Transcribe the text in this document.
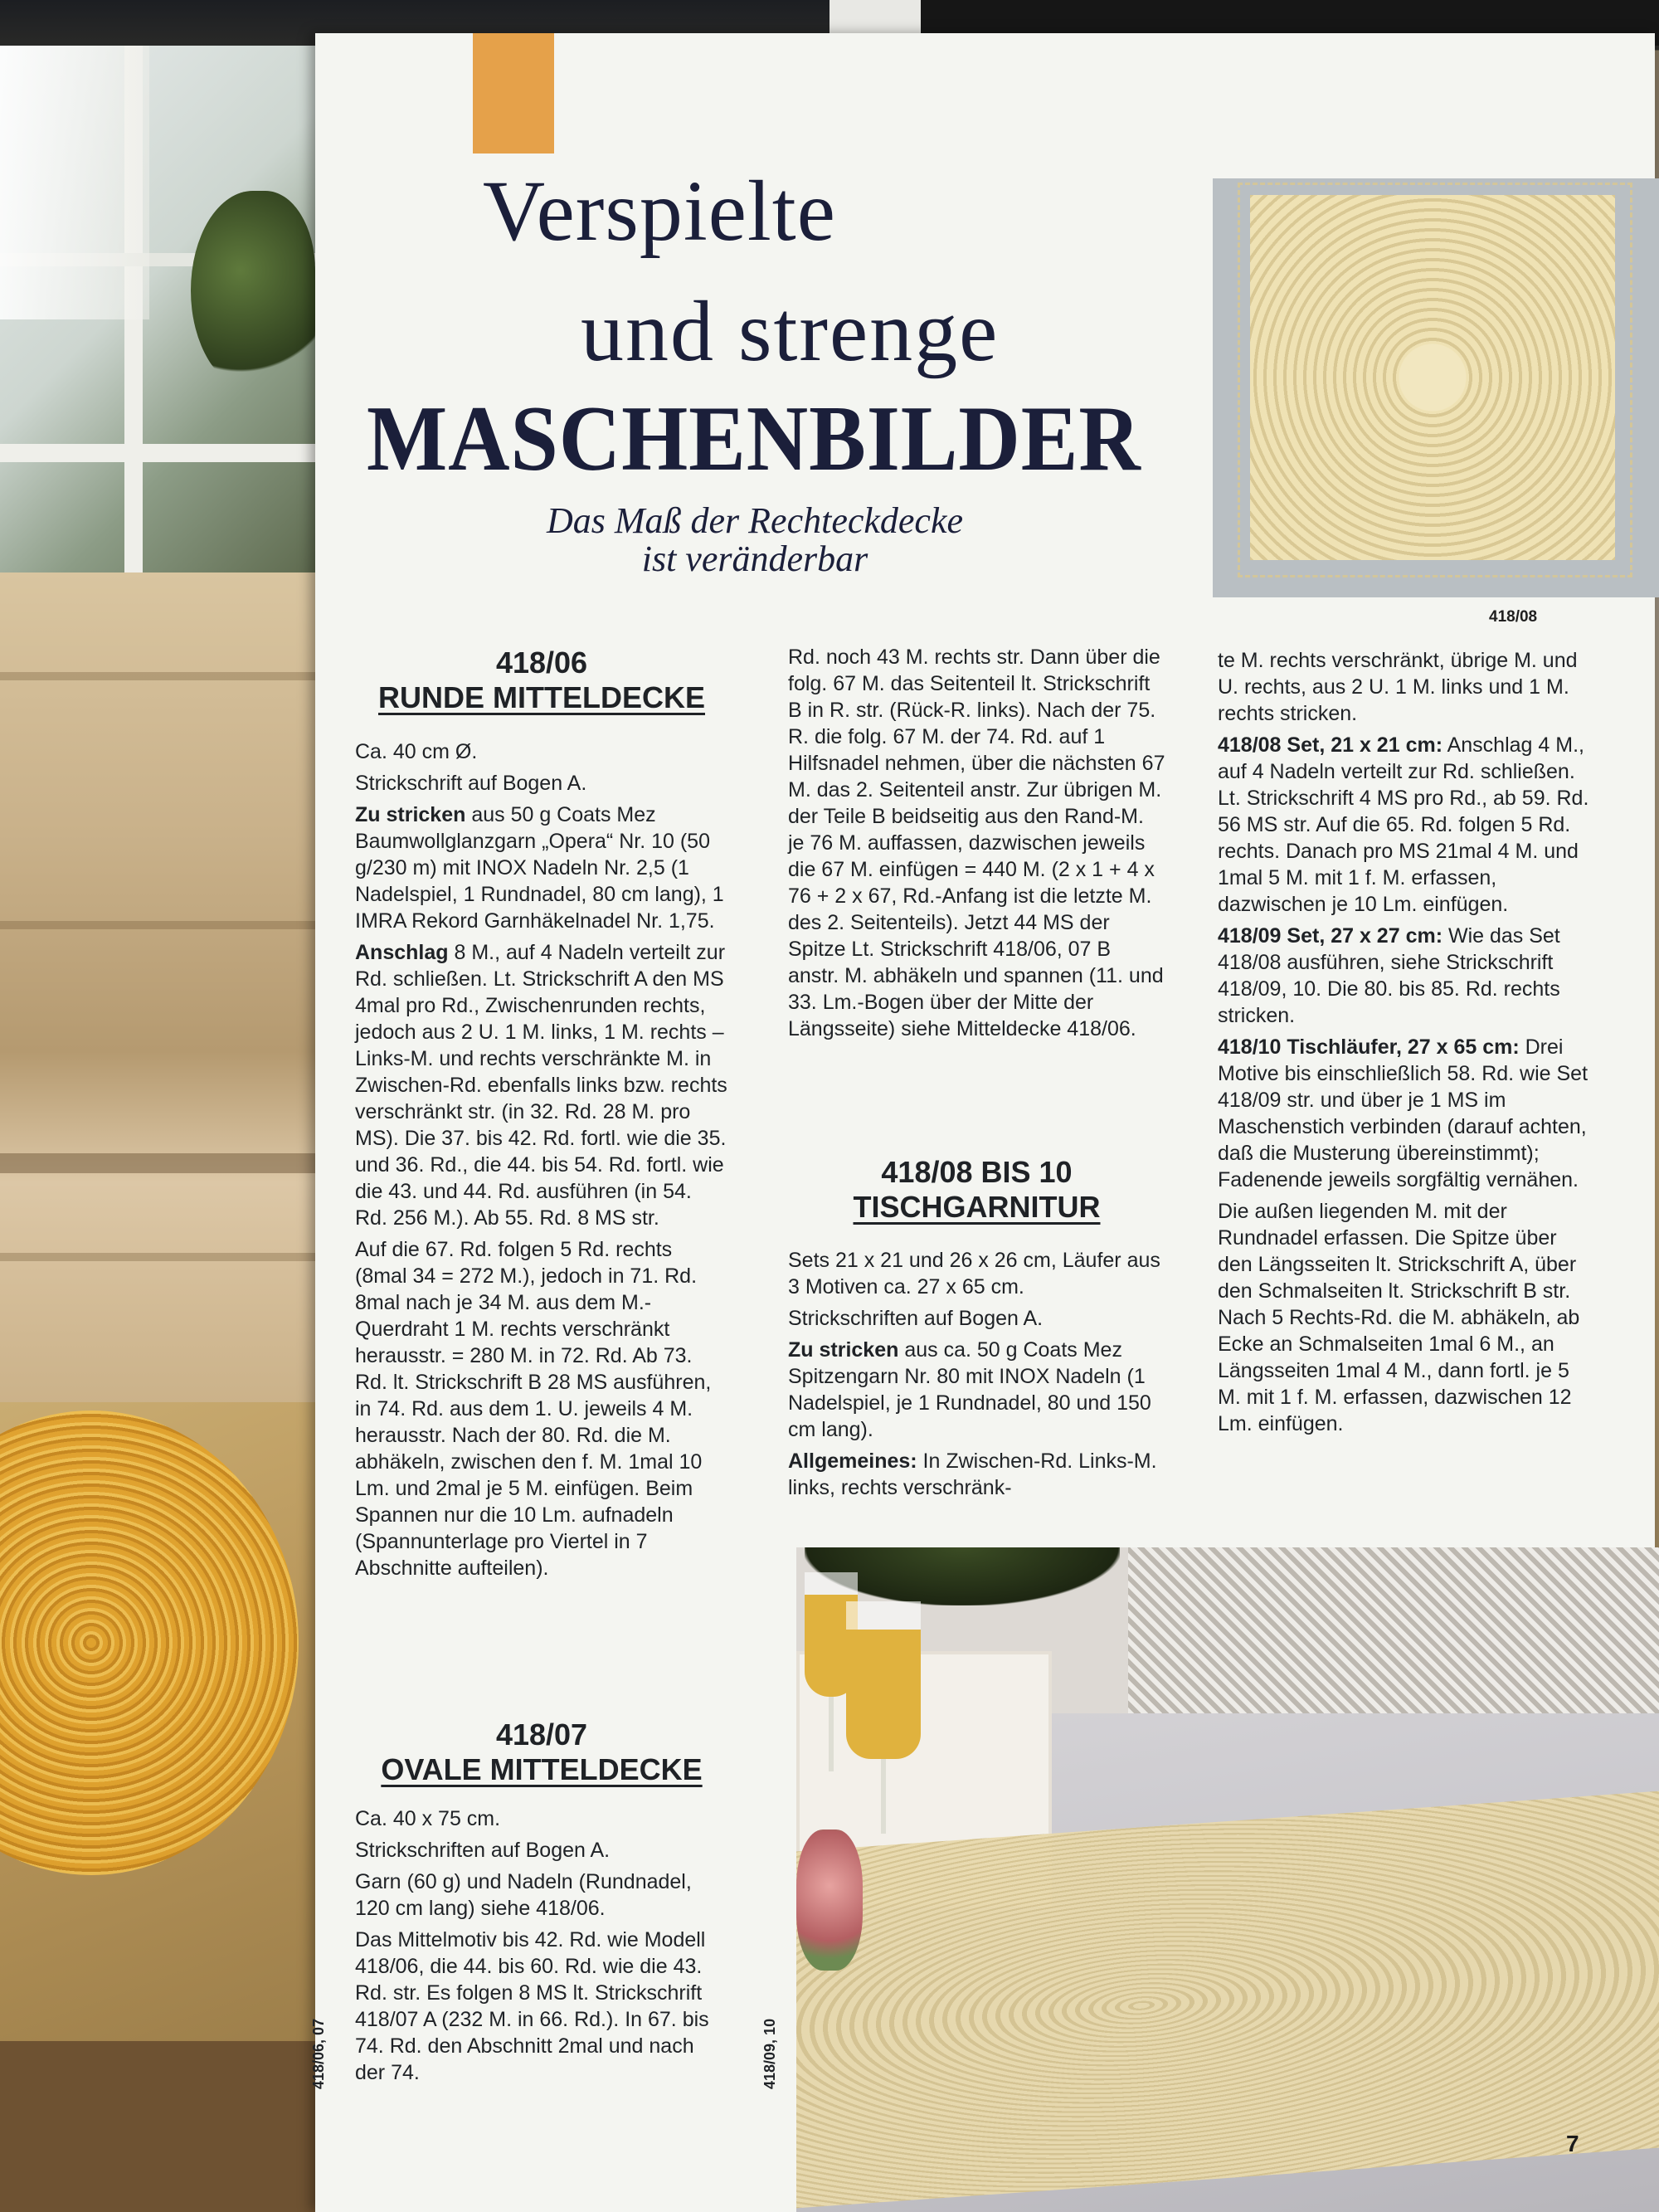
Verspielte
und strenge
MASCHENBILDER
Das Maß der Rechteckdecke
ist veränderbar
418/08
418/06
RUNDE MITTELDECKE

Ca. 40 cm Ø.

Strickschrift auf Bogen A.

Zu stricken aus 50 g Coats Mez Baumwollglanzgarn „Opera“ Nr. 10 (50 g/230 m) mit INOX Nadeln Nr. 2,5 (1 Nadelspiel, 1 Rundnadel, 80 cm lang), 1 IMRA Rekord Garnhäkelnadel Nr. 1,75.

Anschlag 8 M., auf 4 Nadeln verteilt zur Rd. schließen. Lt. Strickschrift A den MS 4mal pro Rd., Zwischenrunden rechts, jedoch aus 2 U. 1 M. links, 1 M. rechts – Links-M. und rechts verschränkte M. in Zwischen-Rd. ebenfalls links bzw. rechts verschränkt str. (in 32. Rd. 28 M. pro MS). Die 37. bis 42. Rd. fortl. wie die 35. und 36. Rd., die 44. bis 54. Rd. fortl. wie die 43. und 44. Rd. ausführen (in 54. Rd. 256 M.). Ab 55. Rd. 8 MS str.

Auf die 67. Rd. folgen 5 Rd. rechts (8mal 34 = 272 M.), jedoch in 71. Rd. 8mal nach je 34 M. aus dem M.-Querdraht 1 M. rechts verschränkt herausstr. = 280 M. in 72. Rd. Ab 73. Rd. lt. Strickschrift B 28 MS ausführen, in 74. Rd. aus dem 1. U. jeweils 4 M. herausstr. Nach der 80. Rd. die M. abhäkeln, zwischen den f. M. 1mal 10 Lm. und 2mal je 5 M. einfügen. Beim Spannen nur die 10 Lm. aufnadeln (Spannunterlage pro Viertel in 7 Abschnitte aufteilen).

418/07
OVALE MITTELDECKE

Ca. 40 x 75 cm.

Strickschriften auf Bogen A.

Garn (60 g) und Nadeln (Rundnadel, 120 cm lang) siehe 418/06.

Das Mittelmotiv bis 42. Rd. wie Modell 418/06, die 44. bis 60. Rd. wie die 43. Rd. str. Es folgen 8 MS lt. Strickschrift 418/07 A (232 M. in 66. Rd.). In 67. bis 74. Rd. den Abschnitt 2mal und nach der 74.

Rd. noch 43 M. rechts str. Dann über die folg. 67 M. das Seitenteil lt. Strickschrift B in R. str. (Rück-R. links). Nach der 75. R. die folg. 67 M. der 74. Rd. auf 1 Hilfsnadel nehmen, über die nächsten 67 M. das 2. Seitenteil anstr. Zur übrigen M. der Teile B beidseitig aus den Rand-M. je 76 M. auffassen, dazwischen jeweils die 67 M. einfügen = 440 M. (2 x 1 + 4 x 76 + 2 x 67, Rd.-Anfang ist die letzte M. des 2. Seitenteils). Jetzt 44 MS der Spitze Lt. Strickschrift 418/06, 07 B anstr. M. abhäkeln und spannen (11. und 33. Lm.-Bogen über der Mitte der Längsseite) siehe Mitteldecke 418/06.

418/08 BIS 10
TISCHGARNITUR

Sets 21 x 21 und 26 x 26 cm, Läufer aus 3 Motiven ca. 27 x 65 cm.

Strickschriften auf Bogen A.

Zu stricken aus ca. 50 g Coats Mez Spitzengarn Nr. 80 mit INOX Nadeln (1 Nadelspiel, je 1 Rundnadel, 80 und 150 cm lang).

Allgemeines: In Zwischen-Rd. Links-M. links, rechts verschränk-

te M. rechts verschränkt, übrige M. und U. rechts, aus 2 U. 1 M. links und 1 M. rechts stricken.

418/08 Set, 21 x 21 cm: Anschlag 4 M., auf 4 Nadeln verteilt zur Rd. schließen. Lt. Strickschrift 4 MS pro Rd., ab 59. Rd. 56 MS str. Auf die 65. Rd. folgen 5 Rd. rechts. Danach pro MS 21mal 4 M. und 1mal 5 M. mit 1 f. M. erfassen, dazwischen je 10 Lm. einfügen.

418/09 Set, 27 x 27 cm: Wie das Set 418/08 ausführen, siehe Strickschrift 418/09, 10. Die 80. bis 85. Rd. rechts stricken.

418/10 Tischläufer, 27 x 65 cm: Drei Motive bis einschließlich 58. Rd. wie Set 418/09 str. und über je 1 MS im Maschenstich verbinden (darauf achten, daß die Musterung übereinstimmt); Fadenende jeweils sorgfältig vernähen.

Die außen liegenden M. mit der Rundnadel erfassen. Die Spitze über den Längsseiten lt. Strickschrift A, über den Schmalseiten lt. Strickschrift B str. Nach 5 Rechts-Rd. die M. abhäkeln, ab Ecke an Schmalseiten 1mal 6 M., an Längsseiten 1mal 4 M., dann fortl. je 5 M. mit 1 f. M. erfassen, dazwischen 12 Lm. einfügen.

418/06, 07	418/09, 10
7
